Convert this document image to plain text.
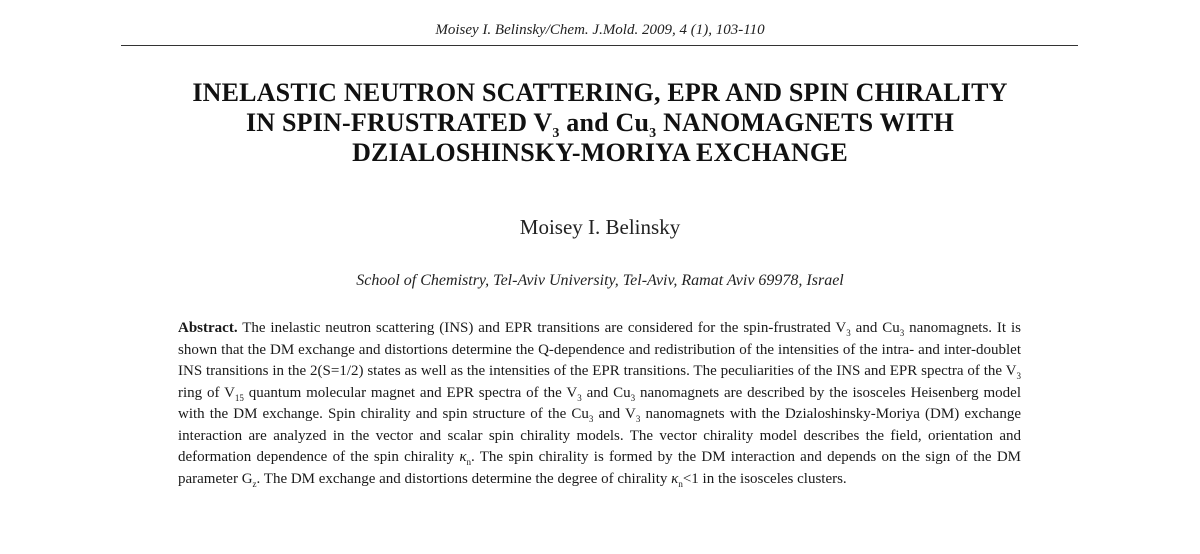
Moisey I. Belinsky/Chem. J.Mold. 2009, 4 (1), 103-110
INELASTIC NEUTRON SCATTERING, EPR AND SPIN CHIRALITY
IN SPIN-FRUSTRATED $V_3$ and $Cu_3$ NANOMAGNETS WITH
DZIALOSHINSKY-MORIYA EXCHANGE
Moisey I. Belinsky
School of Chemistry, Tel-Aviv University, Tel-Aviv, Ramat Aviv 69978, Israel
Abstract. The inelastic neutron scattering (INS) and EPR transitions are considered for the spin-frustrated $V_3$ and $Cu_3$ nanomagnets. It is shown that the DM exchange and distortions determine the Q-dependence and redistribution of the intensities of the intra- and inter-doublet INS transitions in the 2(S=1/2) states as well as the intensities of the EPR transitions. The peculiarities of the INS and EPR spectra of the $V_3$ ring of $V_{15}$ quantum molecular magnet and EPR spectra of the $V_3$ and $Cu_3$ nanomagnets are described by the isosceles Heisenberg model with the DM exchange. Spin chirality and spin structure of the $Cu_3$ and $V_3$ nanomagnets with the Dzialoshinsky-Moriya (DM) exchange interaction are analyzed in the vector and scalar spin chirality models. The vector chirality model describes the field, orientation and deformation dependence of the spin chirality $\kappa_n$. The spin chirality is formed by the DM interaction and depends on the sign of the DM parameter $G_z$. The DM exchange and distortions determine the degree of chirality $\kappa_n<1$ in the isosceles clusters.
